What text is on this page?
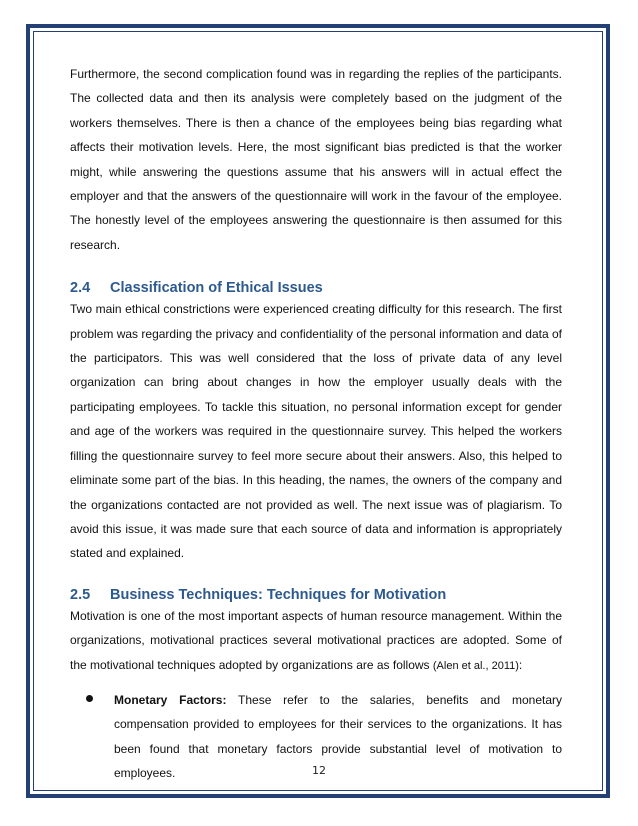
Furthermore, the second complication found was in regarding the replies of the participants. The collected data and then its analysis were completely based on the judgment of the workers themselves. There is then a chance of the employees being bias regarding what affects their motivation levels. Here, the most significant bias predicted is that the worker might, while answering the questions assume that his answers will in actual effect the employer and that the answers of the questionnaire will work in the favour of the employee. The honestly level of the employees answering the questionnaire is then assumed for this research.

2.4 Classification of Ethical Issues

Two main ethical constrictions were experienced creating difficulty for this research. The first problem was regarding the privacy and confidentiality of the personal information and data of the participators. This was well considered that the loss of private data of any level organization can bring about changes in how the employer usually deals with the participating employees. To tackle this situation, no personal information except for gender and age of the workers was required in the questionnaire survey. This helped the workers filling the questionnaire survey to feel more secure about their answers. Also, this helped to eliminate some part of the bias. In this heading, the names, the owners of the company and the organizations contacted are not provided as well. The next issue was of plagiarism. To avoid this issue, it was made sure that each source of data and information is appropriately stated and explained.

2.5 Business Techniques: Techniques for Motivation

Motivation is one of the most important aspects of human resource management. Within the organizations, motivational practices several motivational practices are adopted. Some of the motivational techniques adopted by organizations are as follows (Alen et al., 2011):

Monetary Factors: These refer to the salaries, benefits and monetary compensation provided to employees for their services to the organizations. It has been found that monetary factors provide substantial level of motivation to employees.	12
